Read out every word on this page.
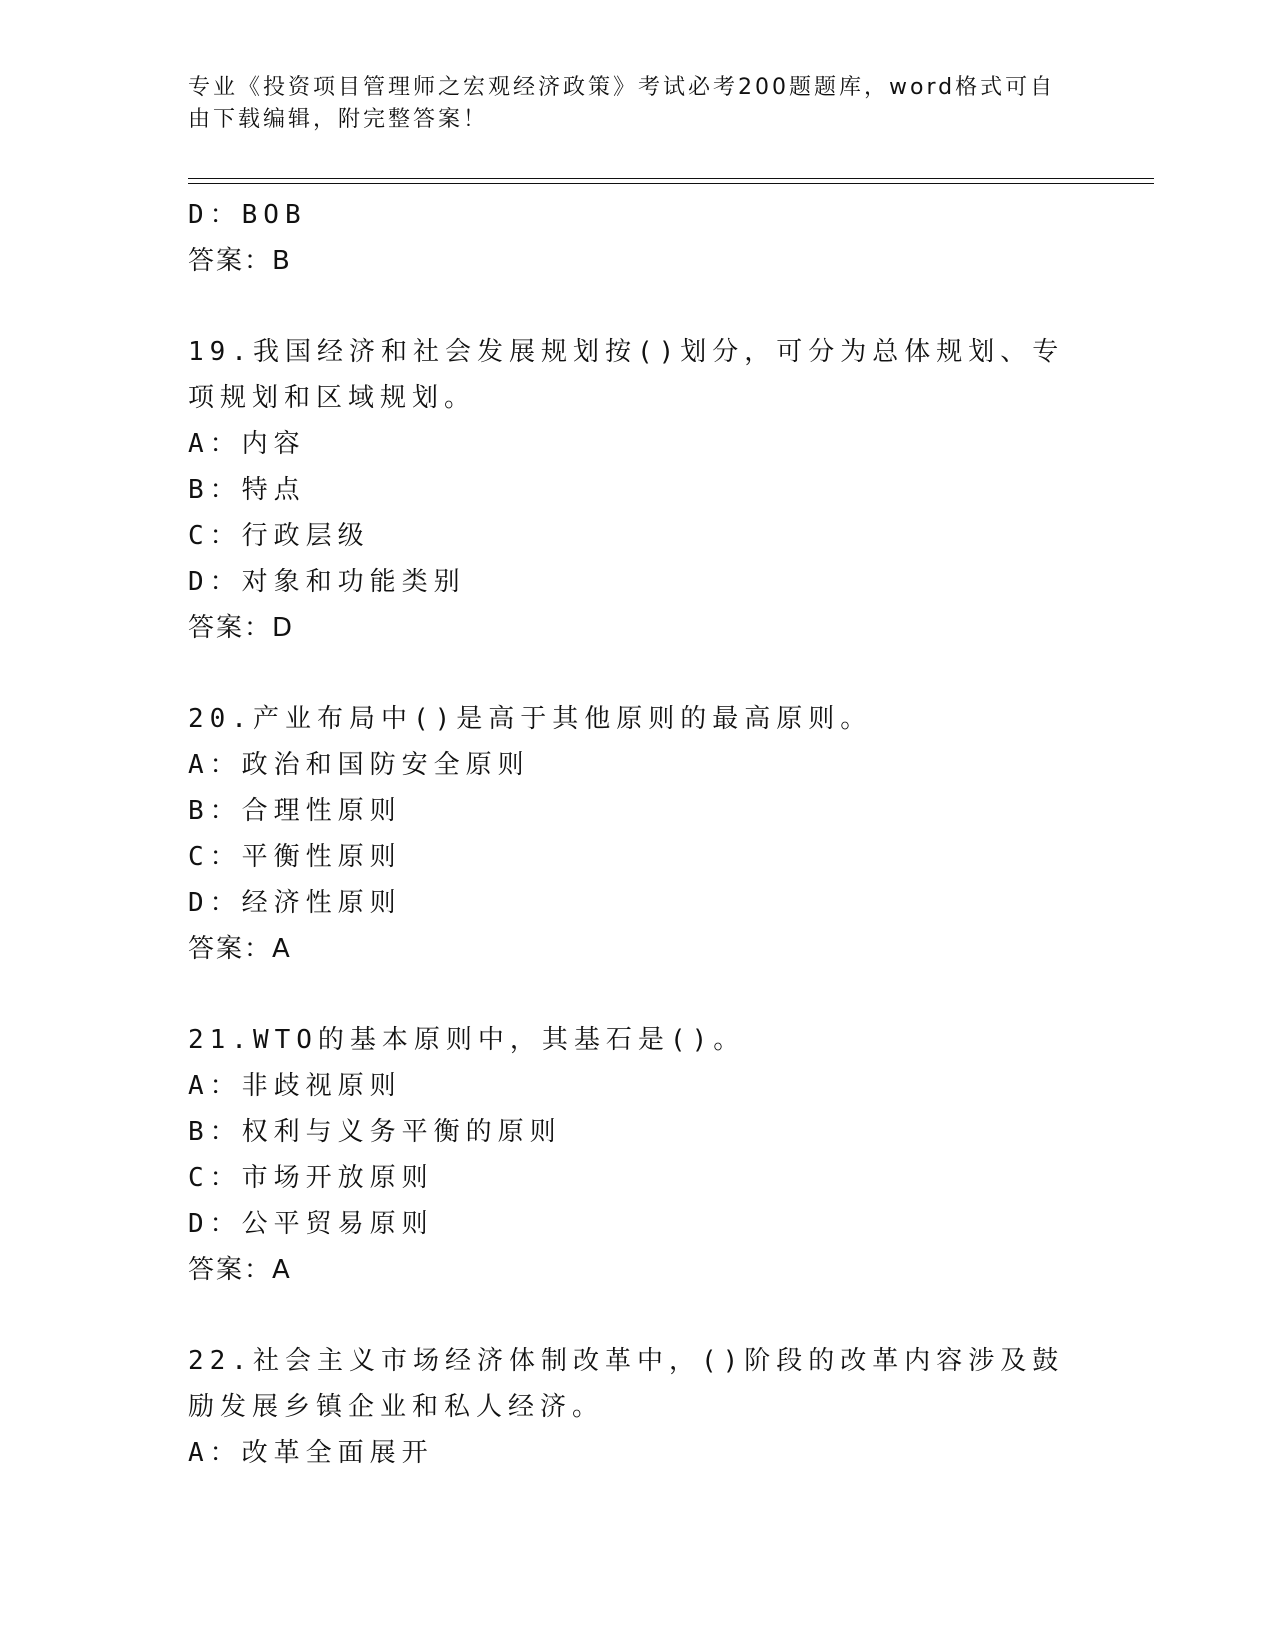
专业《投资项目管理师之宏观经济政策》考试必考200题题库，word格式可自由下载编辑，附完整答案！
D：BOB
答案：B
19.我国经济和社会发展规划按()划分，可分为总体规划、专项规划和区域规划。
A：内容
B：特点
C：行政层级
D：对象和功能类别
答案：D
20.产业布局中()是高于其他原则的最高原则。
A：政治和国防安全原则
B：合理性原则
C：平衡性原则
D：经济性原则
答案：A
21.WTO的基本原则中，其基石是()。
A：非歧视原则
B：权利与义务平衡的原则
C：市场开放原则
D：公平贸易原则
答案：A
22.社会主义市场经济体制改革中，()阶段的改革内容涉及鼓励发展乡镇企业和私人经济。
A：改革全面展开
